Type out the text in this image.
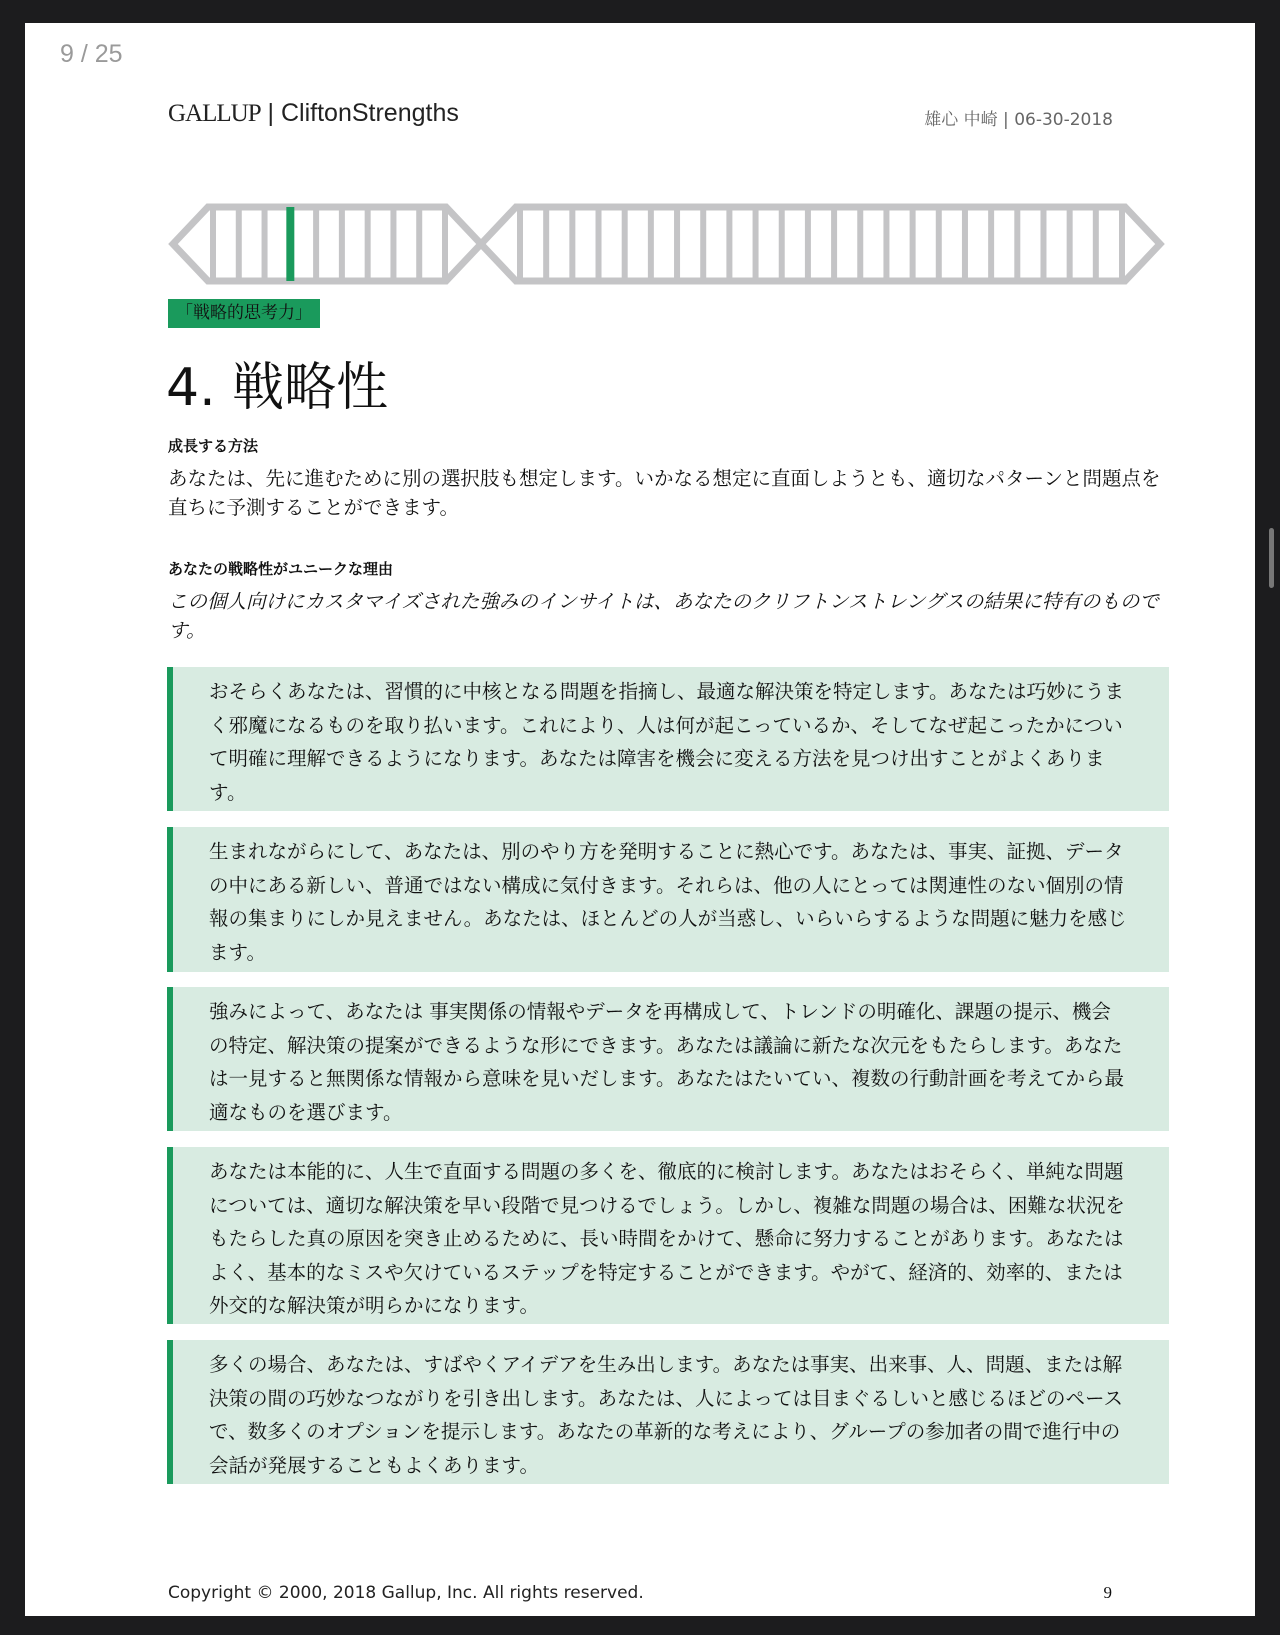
GALLUP | CliftonStrengths	雄心 中崎 | 06-30-2018
「戦略的思考力」
4. 戦略性
成長する方法
あなたは、先に進むために別の選択肢も想定します。いかなる想定に直面しようとも、適切なパターンと問題点を直ちに予測することができます。
あなたの戦略性がユニークな理由
この個人向けにカスタマイズされた強みのインサイトは、あなたのクリフトンストレングスの結果に特有のものです。
おそらくあなたは、習慣的に中核となる問題を指摘し、最適な解決策を特定します。あなたは巧妙にうまく邪魔になるものを取り払います。これにより、人は何が起こっているか、そしてなぜ起こったかについて明確に理解できるようになります。あなたは障害を機会に変える方法を見つけ出すことがよくあります。
生まれながらにして、あなたは、別のやり方を発明することに熱心です。あなたは、事実、証拠、データの中にある新しい、普通ではない構成に気付きます。それらは、他の人にとっては関連性のない個別の情報の集まりにしか見えません。あなたは、ほとんどの人が当惑し、いらいらするような問題に魅力を感じます。
強みによって、あなたは 事実関係の情報やデータを再構成して、トレンドの明確化、課題の提示、機会の特定、解決策の提案ができるような形にできます。あなたは議論に新たな次元をもたらします。あなたは一見すると無関係な情報から意味を見いだします。あなたはたいてい、複数の行動計画を考えてから最適なものを選びます。
あなたは本能的に、人生で直面する問題の多くを、徹底的に検討します。あなたはおそらく、単純な問題については、適切な解決策を早い段階で見つけるでしょう。しかし、複雑な問題の場合は、困難な状況をもたらした真の原因を突き止めるために、長い時間をかけて、懸命に努力することがあります。あなたはよく、基本的なミスや欠けているステップを特定することができます。やがて、経済的、効率的、または外交的な解決策が明らかになります。
多くの場合、あなたは、すばやくアイデアを生み出します。あなたは事実、出来事、人、問題、または解決策の間の巧妙なつながりを引き出します。あなたは、人によっては目まぐるしいと感じるほどのペースで、数多くのオプションを提示します。あなたの革新的な考えにより、グループの参加者の間で進行中の会話が発展することもよくあります。
Copyright © 2000, 2018 Gallup, Inc. All rights reserved.	9
9 / 25
